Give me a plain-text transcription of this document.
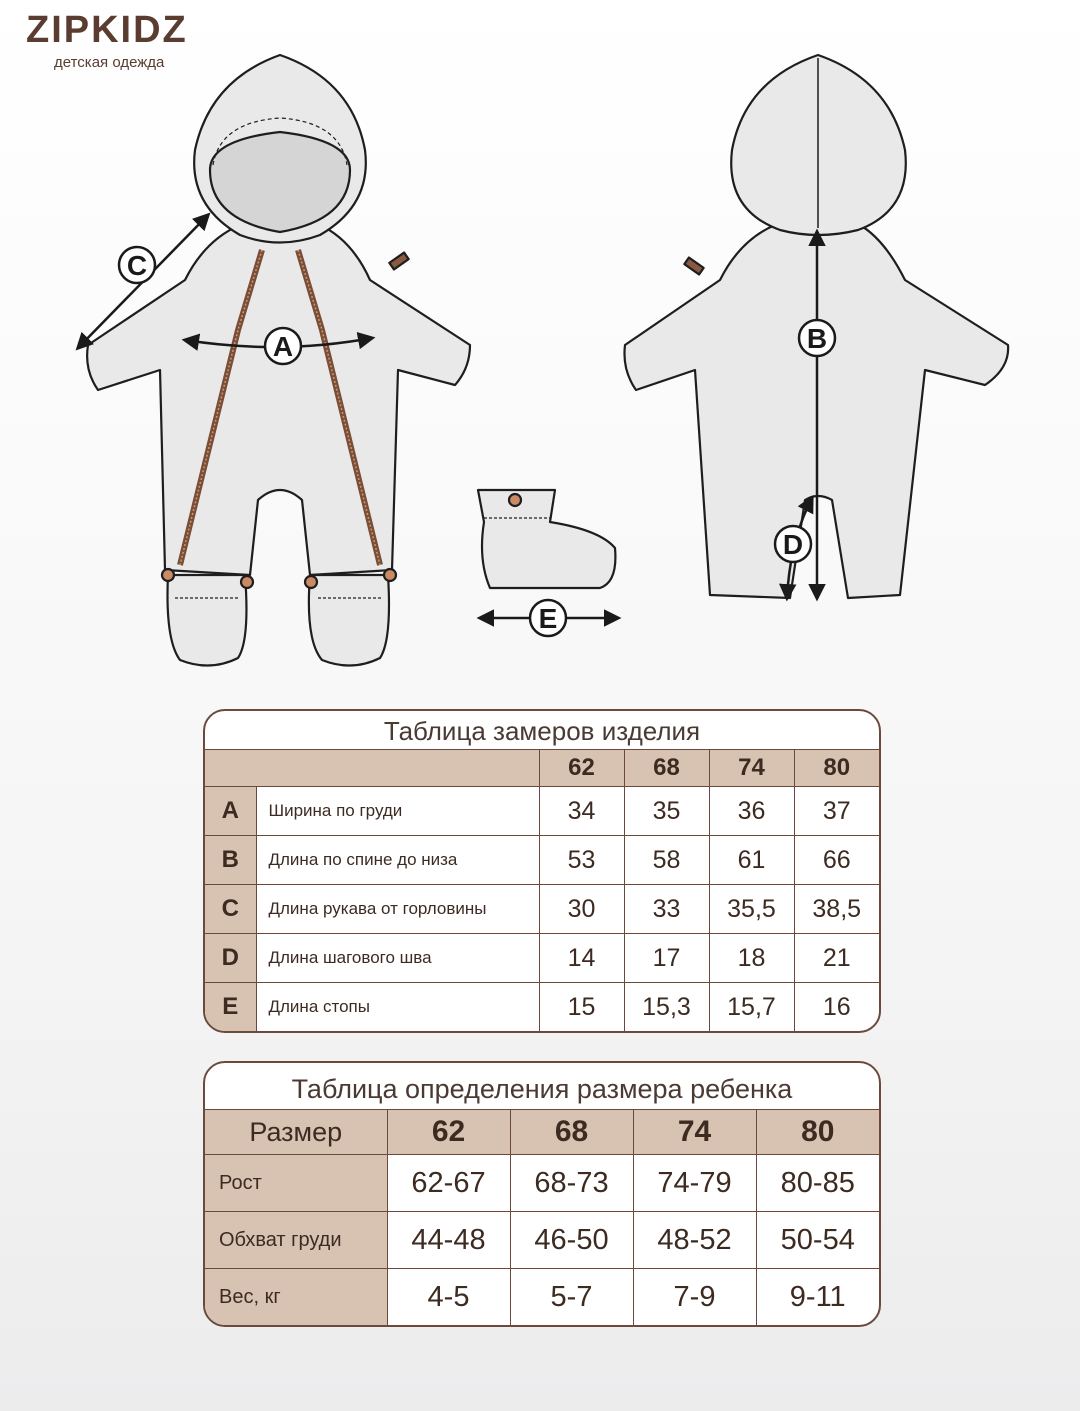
ZIPKIDZ
детская одежда
A	B
C
D
E
Таблица замеров изделия
		62	68	74	80
A	Ширина по груди	34	35	36	37
B	Длина по спине до низа	53	58	61	66
C	Длина рукава от горловины	30	33	35,5	38,5
D	Длина шагового шва	14	17	18	21
E	Длина стопы	15	15,3	15,7	16
Таблица определения размера ребенка
Размер	62	68	74	80
Рост	62-67	68-73	74-79	80-85
Обхват груди	44-48	46-50	48-52	50-54
Вес, кг	4-5	5-7	7-9	9-11
